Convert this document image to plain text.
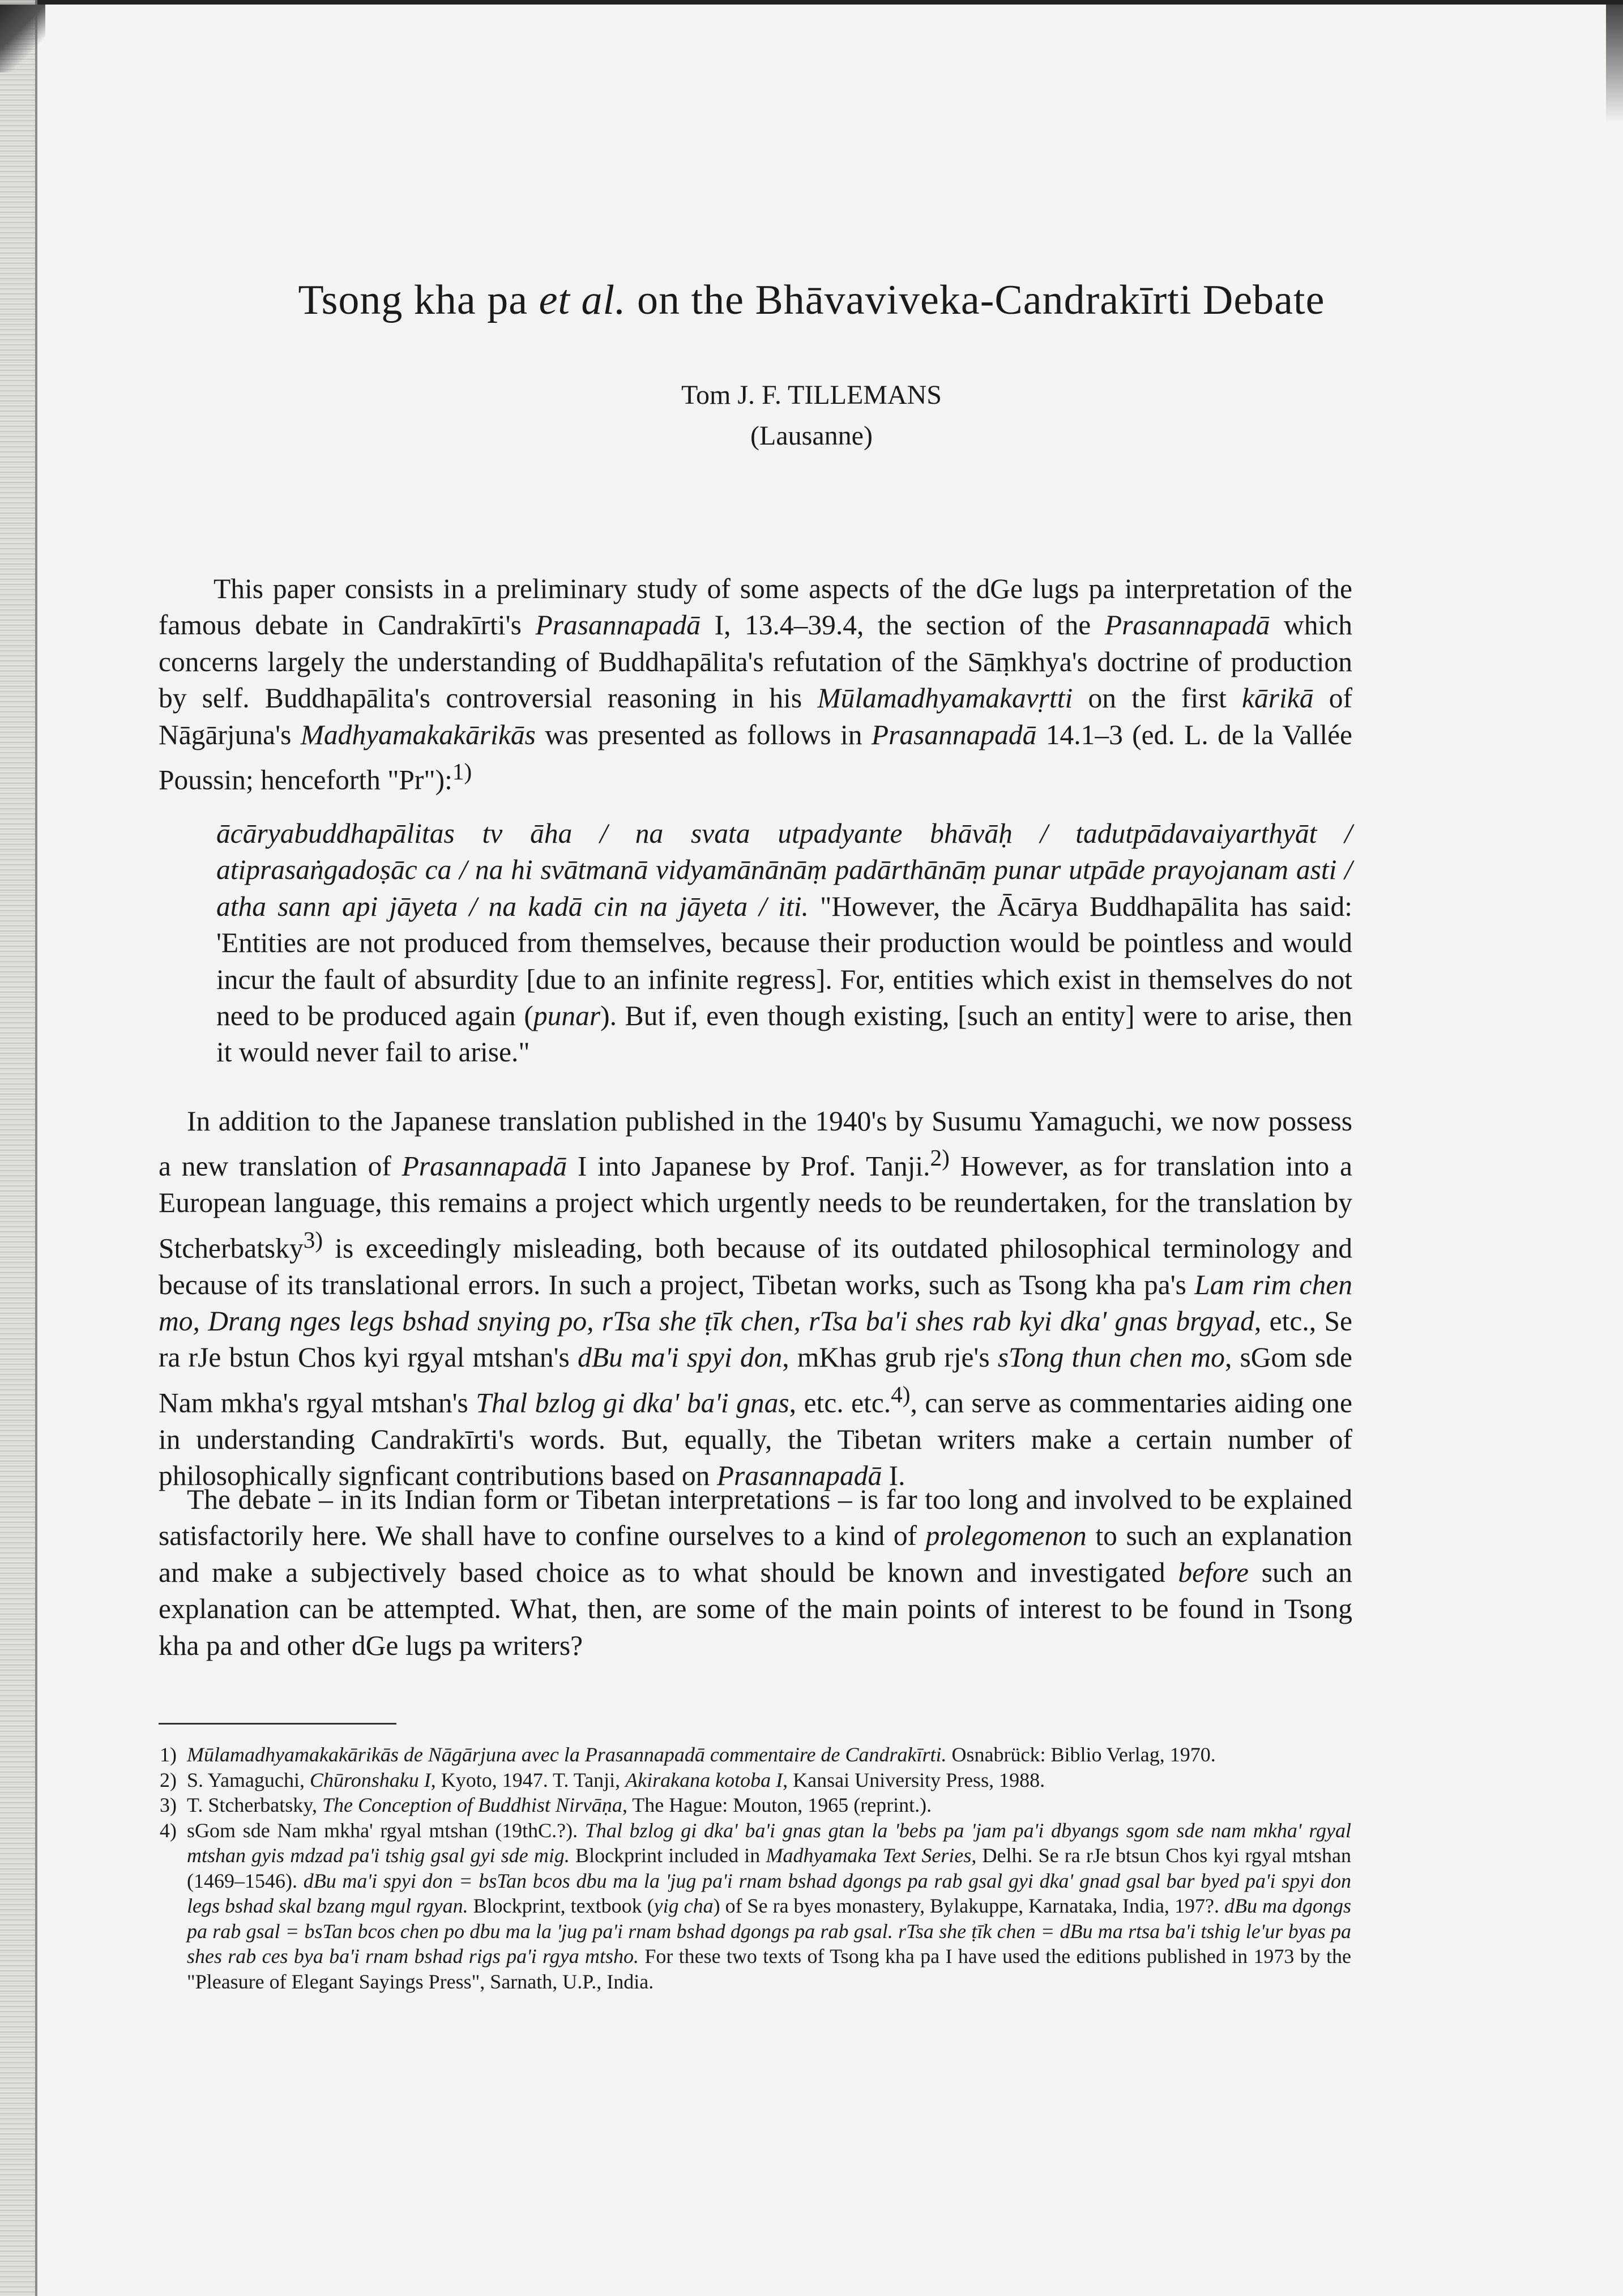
Tsong kha pa et al. on the Bhāvaviveka-Candrakīrti Debate
Tom J. F. TILLEMANS
(Lausanne)

This paper consists in a preliminary study of some aspects of the dGe lugs pa interpretation of the famous debate in Candrakīrti's Prasannapadā I, 13.4–39.4, the section of the Prasannapadā which concerns largely the understanding of Buddhapālita's refutation of the Sāṃkhya's doctrine of production by self. Buddhapālita's controversial reasoning in his Mūlamadhyamakavṛtti on the first kārikā of Nāgārjuna's Madhyamakakārikās was presented as follows in Prasannapadā 14.1–3 (ed. L. de la Vallée Poussin; henceforth "Pr"):$^{1)}$

ācāryabuddhapālitas tv āha / na svata utpadyante bhāvāḥ / tadutpādavaiyarthyāt / atiprasaṅgadoṣāc ca / na hi svātmanā vidyamānānāṃ padārthānāṃ punar utpāde prayojanam asti / atha sann api jāyeta / na kadā cin na jāyeta / iti. "However, the Ācārya Buddhapālita has said: 'Entities are not produced from themselves, because their production would be pointless and would incur the fault of absurdity [due to an infinite regress]. For, entities which exist in themselves do not need to be produced again (punar). But if, even though existing, [such an entity] were to arise, then it would never fail to arise."

In addition to the Japanese translation published in the 1940's by Susumu Yamaguchi, we now possess a new translation of Prasannapadā I into Japanese by Prof. Tanji.$^{2)}$ However, as for translation into a European language, this remains a project which urgently needs to be reundertaken, for the translation by Stcherbatsky$^{3)}$ is exceedingly misleading, both because of its outdated philosophical terminology and because of its translational errors. In such a project, Tibetan works, such as Tsong kha pa's Lam rim chen mo, Drang nges legs bshad snying po, rTsa she ṭīk chen, rTsa ba'i shes rab kyi dka' gnas brgyad, etc., Se ra rJe bstun Chos kyi rgyal mtshan's dBu ma'i spyi don, mKhas grub rje's sTong thun chen mo, sGom sde Nam mkha's rgyal mtshan's Thal bzlog gi dka' ba'i gnas, etc. etc.$^{4)}$, can serve as commentaries aiding one in understanding Candrakīrti's words. But, equally, the Tibetan writers make a certain number of philosophically signficant contributions based on Prasannapadā I.

The debate – in its Indian form or Tibetan interpretations – is far too long and involved to be explained satisfactorily here. We shall have to confine ourselves to a kind of prolegomenon to such an explanation and make a subjectively based choice as to what should be known and investigated before such an explanation can be attempted. What, then, are some of the main points of interest to be found in Tsong kha pa and other dGe lugs pa writers?

1) Mūlamadhyamakakārikās de Nāgārjuna avec la Prasannapadā commentaire de Candrakīrti. Osnabrück: Biblio Verlag, 1970.
2) S. Yamaguchi, Chūronshaku I, Kyoto, 1947. T. Tanji, Akirakana kotoba I, Kansai University Press, 1988.
3) T. Stcherbatsky, The Conception of Buddhist Nirvāṇa, The Hague: Mouton, 1965 (reprint.).
4) sGom sde Nam mkha' rgyal mtshan (19thC.?). Thal bzlog gi dka' ba'i gnas gtan la 'bebs pa 'jam pa'i dbyangs sgom sde nam mkha' rgyal mtshan gyis mdzad pa'i tshig gsal gyi sde mig. Blockprint included in Madhyamaka Text Series, Delhi. Se ra rJe btsun Chos kyi rgyal mtshan (1469–1546). dBu ma'i spyi don = bsTan bcos dbu ma la 'jug pa'i rnam bshad dgongs pa rab gsal gyi dka' gnad gsal bar byed pa'i spyi don legs bshad skal bzang mgul rgyan. Blockprint, textbook (yig cha) of Se ra byes monastery, Bylakuppe, Karnataka, India, 197?. dBu ma dgongs pa rab gsal = bsTan bcos chen po dbu ma la 'jug pa'i rnam bshad dgongs pa rab gsal. rTsa she ṭīk chen = dBu ma rtsa ba'i tshig le'ur byas pa shes rab ces bya ba'i rnam bshad rigs pa'i rgya mtsho. For these two texts of Tsong kha pa I have used the editions published in 1973 by the "Pleasure of Elegant Sayings Press", Sarnath, U.P., India.
